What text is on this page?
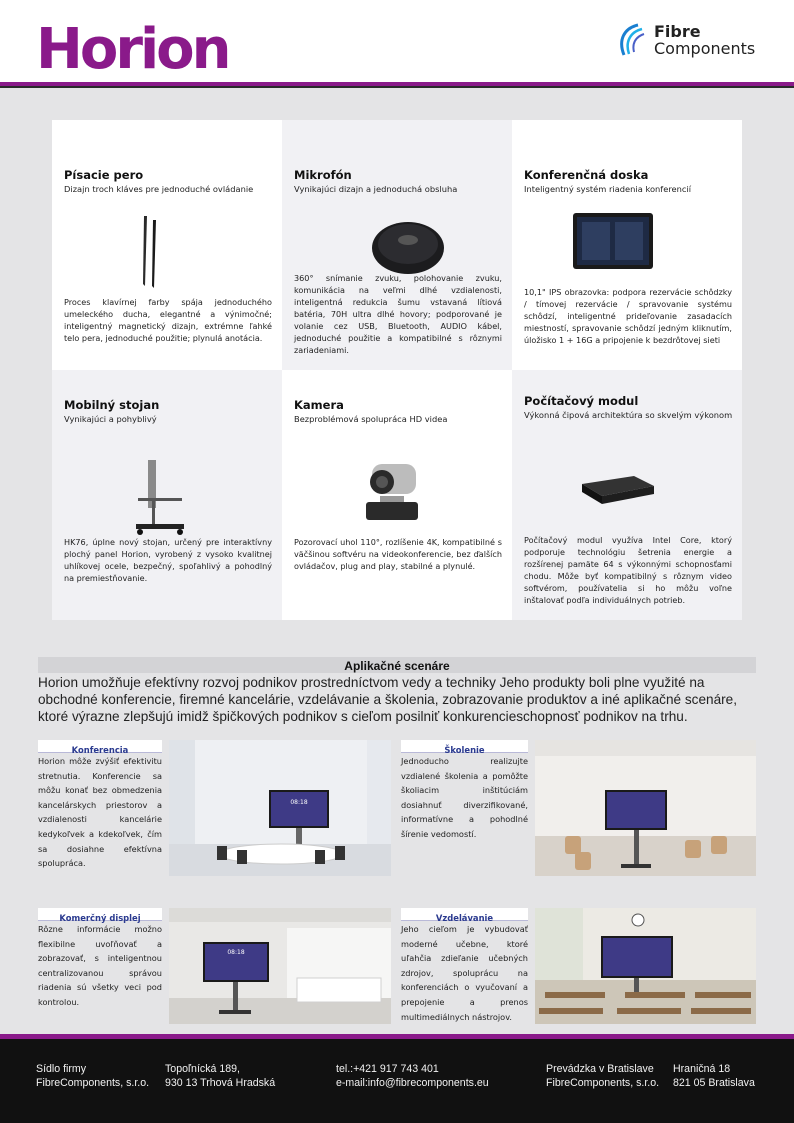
Horion	Fibre
Components
Písacie pero
Dizajn troch kláves pre jednoduché ovládanie
Proces klavírnej farby spája jednoduchého umeleckého ducha, elegantné a výnimočné; inteligentný magnetický dizajn, extrémne ľahké telo pera, jednoduché použitie; plynulá anotácia.
Mikrofón
Vynikajúci dizajn a jednoduchá obsluha
360° snímanie zvuku, polohovanie zvuku, komunikácia na veľmi dlhé vzdialenosti, inteligentná redukcia šumu vstavaná lítiová batéria, 70H ultra dlhé hovory; podporované je volanie cez USB, Bluetooth, AUDIO kábel, jednoduché použitie a kompatibilné s rôznymi zariadeniami.
Konferenčná doska
Inteligentný systém riadenia konferencií
10,1" IPS obrazovka: podpora rezervácie schôdzky / tímovej rezervácie / spravovanie systému schôdzí, inteligentné prideľovanie zasadacích miestností, spravovanie schôdzí jedným kliknutím, úložisko 1 + 16G a pripojenie k bezdrôtovej sieti
Mobilný stojan
Vynikajúci a pohyblivý
HK76, úplne nový stojan, určený pre interaktívny plochý panel Horion, vyrobený z vysoko kvalitnej uhlíkovej ocele, bezpečný, spoľahlivý a pohodlný na premiestňovanie.
Kamera
Bezproblémová spolupráca HD videa
Pozorovací uhol 110°, rozlíšenie 4K, kompatibilné s väčšinou softvéru na videokonferencie, bez ďalších ovládačov, plug and play, stabilné a plynulé.
Počítačový modul
Výkonná čipová architektúra so skvelým výkonom
Počítačový modul využíva Intel Core, ktorý podporuje technológiu šetrenia energie a rozšírenej pamäte 64 s výkonnými schopnosťami chodu. Môže byť kompatibilný s rôznym video softvérom, používatelia si ho môžu voľne inštalovať podľa individuálnych potrieb.
Aplikačné scenáre
Horion umožňuje efektívny rozvoj podnikov prostredníctvom vedy a techniky Jeho produkty boli plne využité na obchodné konferencie, firemné kancelárie, vzdelávanie a školenia, zobrazovanie produktov a iné aplikačné scenáre, ktoré výrazne zlepšujú imidž špičkových podnikov s cieľom posilniť konkurencieschopnosť podnikov na trhu.
Konferencia
Horion môže zvýšiť efektivitu stretnutia. Konferencie sa môžu konať bez obmedzenia kancelárskych priestorov a vzdialenosti kancelárie kedykoľvek a kdekoľvek, čím sa dosiahne efektívna spolupráca.
08:18
Školenie
Jednoducho realizujte vzdialené školenia a pomôžte školiacim inštitúciám dosiahnuť diverzifikované, informatívne a pohodlné šírenie vedomostí.
Komerčný displej
Rôzne informácie možno flexibilne uvoľňovať a zobrazovať, s inteligentnou centralizovanou správou riadenia sú všetky veci pod kontrolou.
08:18
Vzdelávanie
Jeho cieľom je vybudovať moderné učebne, ktoré uľahčia zdieľanie učebných zdrojov, spoluprácu na konferenciách o vyučovaní a prepojenie a prenos multimediálnych nástrojov.
Sídlo firmy
FibreComponents, s.r.o.
Topoľnícká 189,
930 13 Trhová Hradská
tel.:+421 917 743 401
e-mail:info@fibrecomponents.eu
Prevádzka v Bratislave
FibreComponents, s.r.o.
Hraničná 18
821 05 Bratislava
